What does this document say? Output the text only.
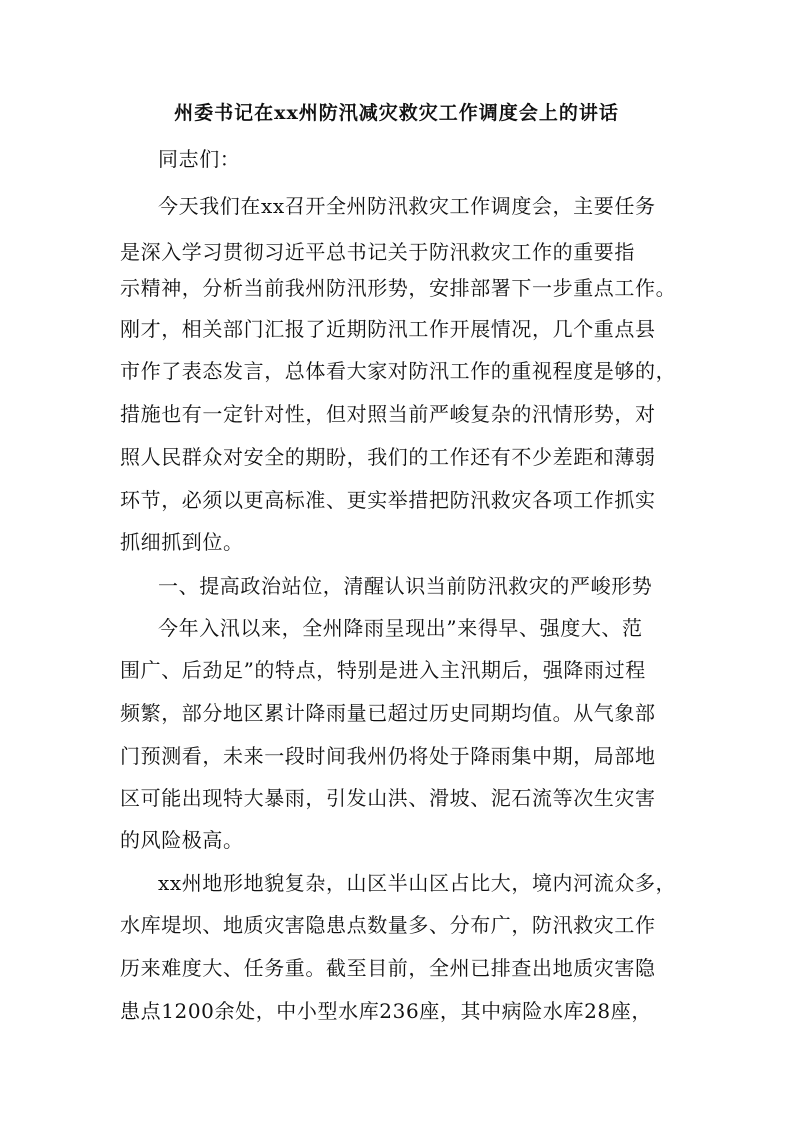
州委书记在xx州防汛减灾救灾工作调度会上的讲话
同志们：
今天我们在xx召开全州防汛救灾工作调度会，主要任务
是深入学习贯彻习近平总书记关于防汛救灾工作的重要指
示精神，分析当前我州防汛形势，安排部署下一步重点工作。
刚才，相关部门汇报了近期防汛工作开展情况，几个重点县
市作了表态发言，总体看大家对防汛工作的重视程度是够的，
措施也有一定针对性，但对照当前严峻复杂的汛情形势，对
照人民群众对安全的期盼，我们的工作还有不少差距和薄弱
环节，必须以更高标准、更实举措把防汛救灾各项工作抓实
抓细抓到位。
一、提高政治站位，清醒认识当前防汛救灾的严峻形势
今年入汛以来，全州降雨呈现出”来得早、强度大、范
围广、后劲足”的特点，特别是进入主汛期后，强降雨过程
频繁，部分地区累计降雨量已超过历史同期均值。从气象部
门预测看，未来一段时间我州仍将处于降雨集中期，局部地
区可能出现特大暴雨，引发山洪、滑坡、泥石流等次生灾害
的风险极高。
xx州地形地貌复杂，山区半山区占比大，境内河流众多，
水库堤坝、地质灾害隐患点数量多、分布广，防汛救灾工作
历来难度大、任务重。截至目前，全州已排查出地质灾害隐
患点1200余处，中小型水库236座，其中病险水库28座，
